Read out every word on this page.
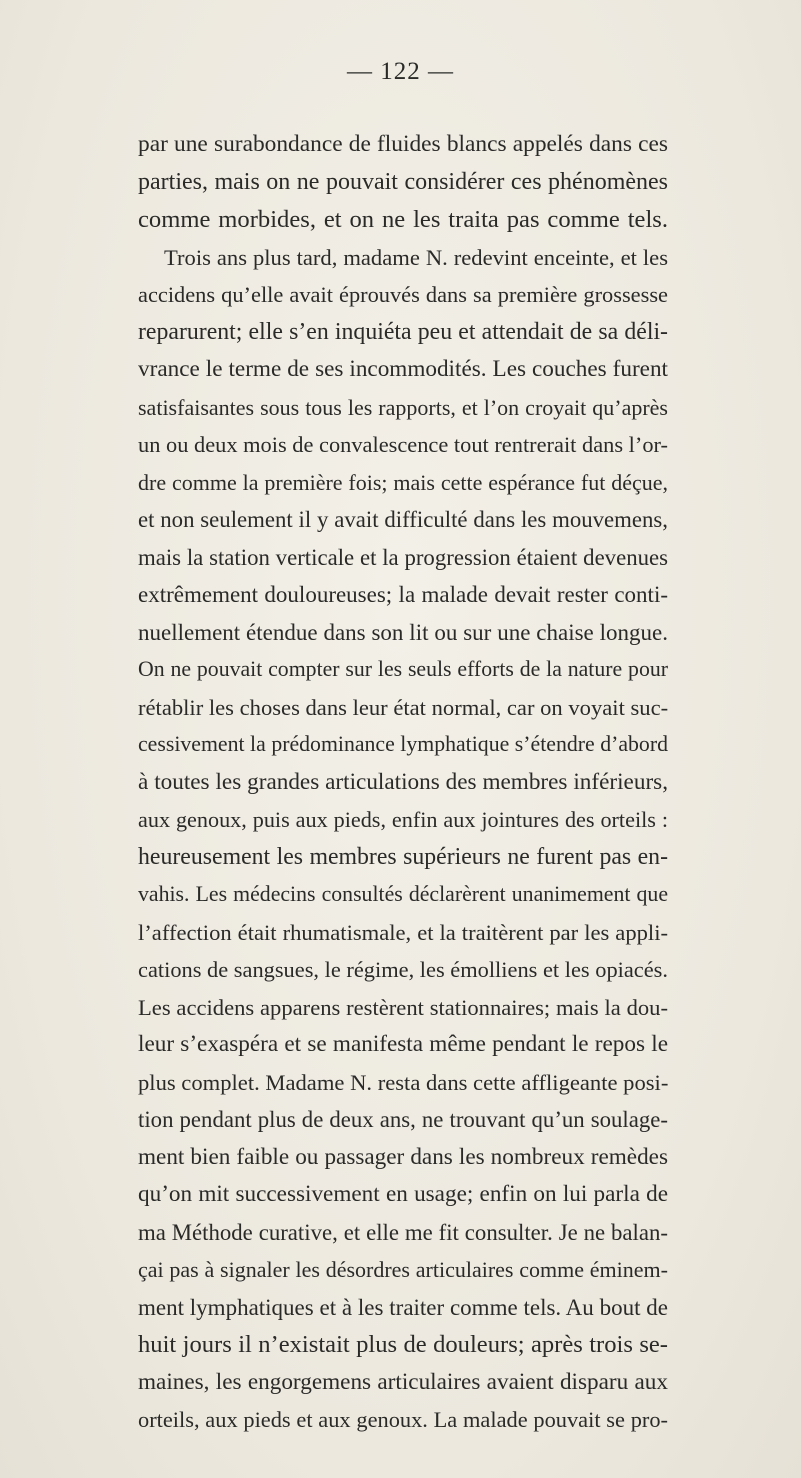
— 122 —
par une surabondance de fluides blancs appelés dans ces
parties, mais on ne pouvait considérer ces phénomènes
comme morbides, et on ne les traita pas comme tels.
Trois ans plus tard, madame N. redevint enceinte, et les
accidens qu’elle avait éprouvés dans sa première grossesse
reparurent; elle s’en inquiéta peu et attendait de sa déli-
vrance le terme de ses incommodités. Les couches furent
satisfaisantes sous tous les rapports, et l’on croyait qu’après
un ou deux mois de convalescence tout rentrerait dans l’or-
dre comme la première fois; mais cette espérance fut déçue,
et non seulement il y avait difficulté dans les mouvemens,
mais la station verticale et la progression étaient devenues
extrêmement douloureuses; la malade devait rester conti-
nuellement étendue dans son lit ou sur une chaise longue.
On ne pouvait compter sur les seuls efforts de la nature pour
rétablir les choses dans leur état normal, car on voyait suc-
cessivement la prédominance lymphatique s’étendre d’abord
à toutes les grandes articulations des membres inférieurs,
aux genoux, puis aux pieds, enfin aux jointures des orteils :
heureusement les membres supérieurs ne furent pas en-
vahis. Les médecins consultés déclarèrent unanimement que
l’affection était rhumatismale, et la traitèrent par les appli-
cations de sangsues, le régime, les émolliens et les opiacés.
Les accidens apparens restèrent stationnaires; mais la dou-
leur s’exaspéra et se manifesta même pendant le repos le
plus complet. Madame N. resta dans cette affligeante posi-
tion pendant plus de deux ans, ne trouvant qu’un soulage-
ment bien faible ou passager dans les nombreux remèdes
qu’on mit successivement en usage; enfin on lui parla de
ma Méthode curative, et elle me fit consulter. Je ne balan-
çai pas à signaler les désordres articulaires comme éminem-
ment lymphatiques et à les traiter comme tels. Au bout de
huit jours il n’existait plus de douleurs; après trois se-
maines, les engorgemens articulaires avaient disparu aux
orteils, aux pieds et aux genoux. La malade pouvait se pro-
